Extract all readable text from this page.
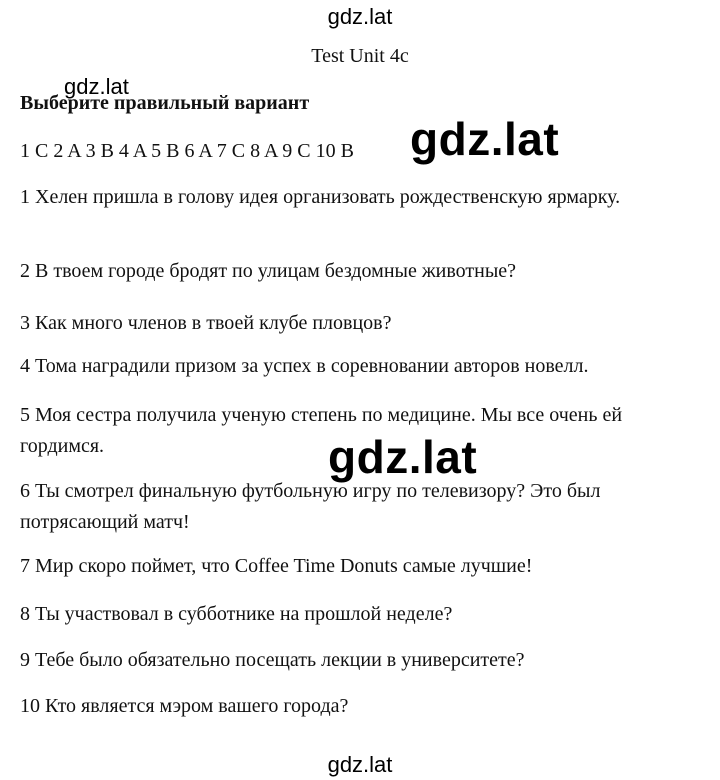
gdz.lat
Test Unit 4c
gdz.lat
Выберите правильный вариант
1 C 2 A 3 B 4 A 5 B 6 A 7 C 8 A 9 C 10 B gdz.lat
1 Хелен пришла в голову идея организовать рождественскую ярмарку.
2 В твоем городе бродят по улицам бездомные животные?
3 Как много членов в твоей клубе пловцов?
4 Тома наградили призом за успех в соревновании авторов новелл.
5 Моя сестра получила ученую степень по медицине. Мы все очень ей гордимся.	gdz.lat
6 Ты смотрел финальную футбольную игру по телевизору? Это был потрясающий матч!
7 Мир скоро поймет, что Coffee Time Donuts самые лучшие!
8 Ты участвовал в субботнике на прошлой неделе?
9 Тебе было обязательно посещать лекции в университете?
10 Кто является мэром вашего города?
gdz.lat
